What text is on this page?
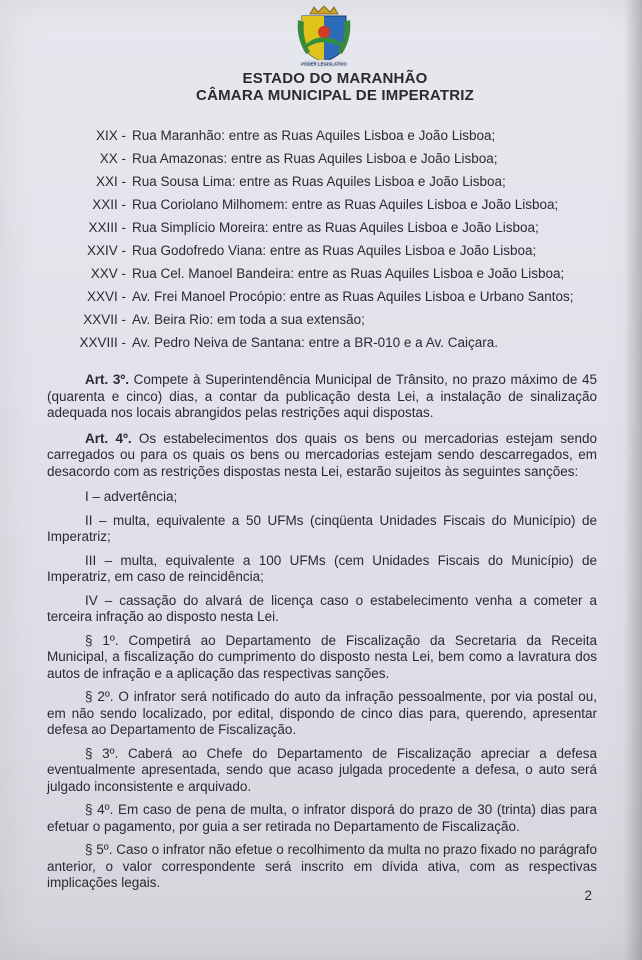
PODER LEGISLATIVO
ESTADO DO MARANHÃO
CÂMARA MUNICIPAL DE IMPERATRIZ
XIX - Rua Maranhão: entre as Ruas Aquiles Lisboa e João Lisboa;
XX - Rua Amazonas: entre as Ruas Aquiles Lisboa e João Lisboa;
XXI - Rua Sousa Lima: entre as Ruas Aquiles Lisboa e João Lisboa;
XXII - Rua Coriolano Milhomem: entre as Ruas Aquiles Lisboa e João Lisboa;
XXIII - Rua Simplício Moreira: entre as Ruas Aquiles Lisboa e João Lisboa;
XXIV - Rua Godofredo Viana: entre as Ruas Aquiles Lisboa e João Lisboa;
XXV - Rua Cel. Manoel Bandeira: entre as Ruas Aquiles Lisboa e João Lisboa;
XXVI - Av. Frei Manoel Procópio: entre as Ruas Aquiles Lisboa e Urbano Santos;
XXVII - Av. Beira Rio: em toda a sua extensão;
XXVIII - Av. Pedro Neiva de Santana: entre a BR-010 e a Av. Caiçara.

Art. 3º. Compete à Superintendência Municipal de Trânsito, no prazo máximo de 45 (quarenta e cinco) dias, a contar da publicação desta Lei, a instalação de sinalização adequada nos locais abrangidos pelas restrições aqui dispostas.

Art. 4º. Os estabelecimentos dos quais os bens ou mercadorias estejam sendo carregados ou para os quais os bens ou mercadorias estejam sendo descarregados, em desacordo com as restrições dispostas nesta Lei, estarão sujeitos às seguintes sanções:

I – advertência;

II – multa, equivalente a 50 UFMs (cinqüenta Unidades Fiscais do Município) de Imperatriz;

III – multa, equivalente a 100 UFMs (cem Unidades Fiscais do Município) de Imperatriz, em caso de reincidência;

IV – cassação do alvará de licença caso o estabelecimento venha a cometer a terceira infração ao disposto nesta Lei.

§ 1º. Competirá ao Departamento de Fiscalização da Secretaria da Receita Municipal, a fiscalização do cumprimento do disposto nesta Lei, bem como a lavratura dos autos de infração e a aplicação das respectivas sanções.

§ 2º. O infrator será notificado do auto da infração pessoalmente, por via postal ou, em não sendo localizado, por edital, dispondo de cinco dias para, querendo, apresentar defesa ao Departamento de Fiscalização.

§ 3º. Caberá ao Chefe do Departamento de Fiscalização apreciar a defesa eventualmente apresentada, sendo que acaso julgada procedente a defesa, o auto será julgado inconsistente e arquivado.

§ 4º. Em caso de pena de multa, o infrator disporá do prazo de 30 (trinta) dias para efetuar o pagamento, por guia a ser retirada no Departamento de Fiscalização.

§ 5º. Caso o infrator não efetue o recolhimento da multa no prazo fixado no parágrafo anterior, o valor correspondente será inscrito em dívida ativa, com as respectivas implicações legais.

2
